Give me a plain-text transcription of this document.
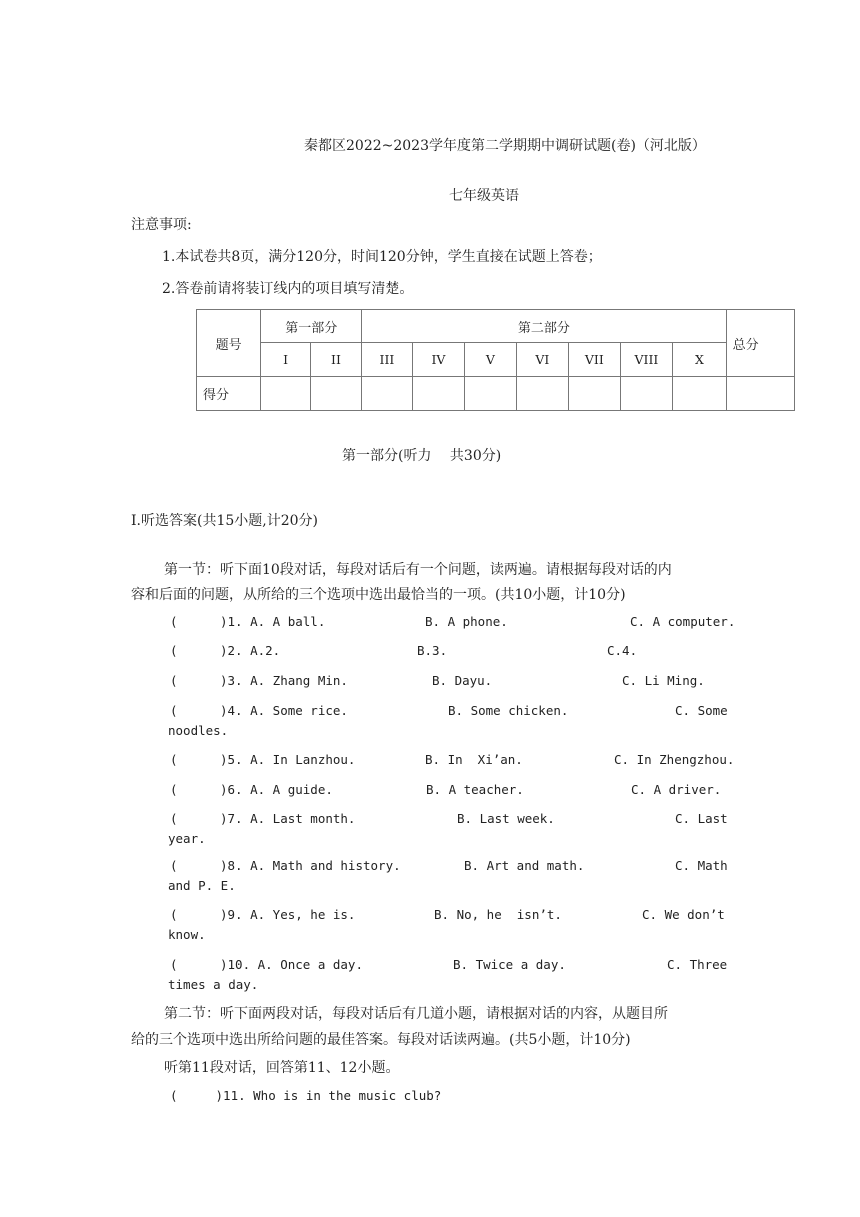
秦都区2022~2023学年度第二学期期中调研试题(卷)（河北版）
七年级英语
注意事项:
1.本试卷共8页，满分120分，时间120分钟，学生直接在试题上答卷；
2.答卷前请将装订线内的项目填写清楚。
题号	第一部分		第二部分							总分
	I	II	III	IV	V	VI	VII	VIII	X	
得分										
第一部分(听力　 共30分)
Ⅰ.听选答案(共15小题,计20分)
第一节：听下面10段对话，每段对话后有一个问题，读两遍。请根据每段对话的内
容和后面的问题，从所给的三个选项中选出最恰当的一项。(共10小题，计10分)
(	)1. A. A ball.	B. A phone.	C. A computer.
(	)2. A.2.	B.3.	C.4.
(	)3. A. Zhang Min.	B. Dayu.	C. Li Ming.
(	)4. A. Some rice.	B. Some chicken.	C. Some
noodles.
(	)5. A. In Lanzhou.	B. In  Xi’an.	C. In Zhengzhou.
(	)6. A. A guide.	B. A teacher.	C. A driver.
(	)7. A. Last month.	B. Last week.	C. Last
year.
(	)8. A. Math and history.	B. Art and math.	C. Math
and P. E.
(	)9. A. Yes, he is.	B. No, he  isn’t.	C. We don’t
know.
(	)10. A. Once a day.	B. Twice a day.	C. Three
times a day.
第二节：听下面两段对话，每段对话后有几道小题，请根据对话的内容，从题目所
给的三个选项中选出所给问题的最佳答案。每段对话读两遍。(共5小题，计10分)
听第11段对话，回答第11、12小题。
(	)11. Who is in the music club?
